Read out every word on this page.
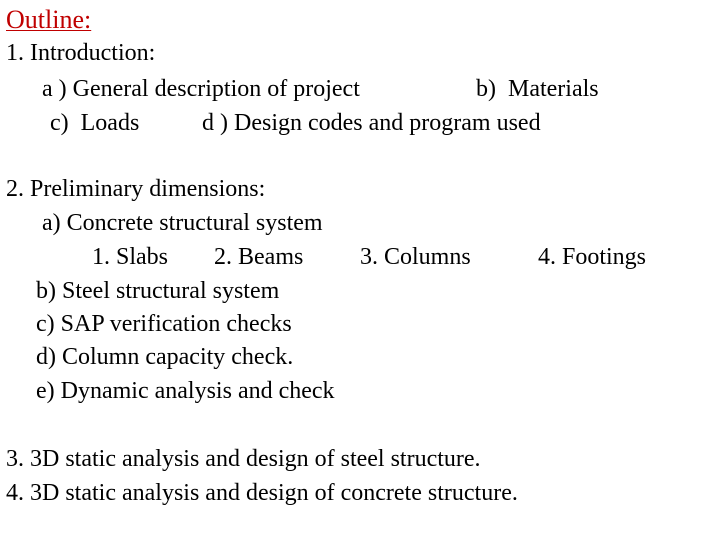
Outline:
1. Introduction:
a ) General description of project	b)  Materials
c)  Loads	d ) Design codes and program used
2. Preliminary dimensions:
a) Concrete structural system
1. Slabs 2. Beams 3. Columns	4. Footings
b) Steel structural system
c) SAP verification checks
d) Column capacity check.
e) Dynamic analysis and check
3. 3D static analysis and design of steel structure.
4. 3D static analysis and design of concrete structure.
